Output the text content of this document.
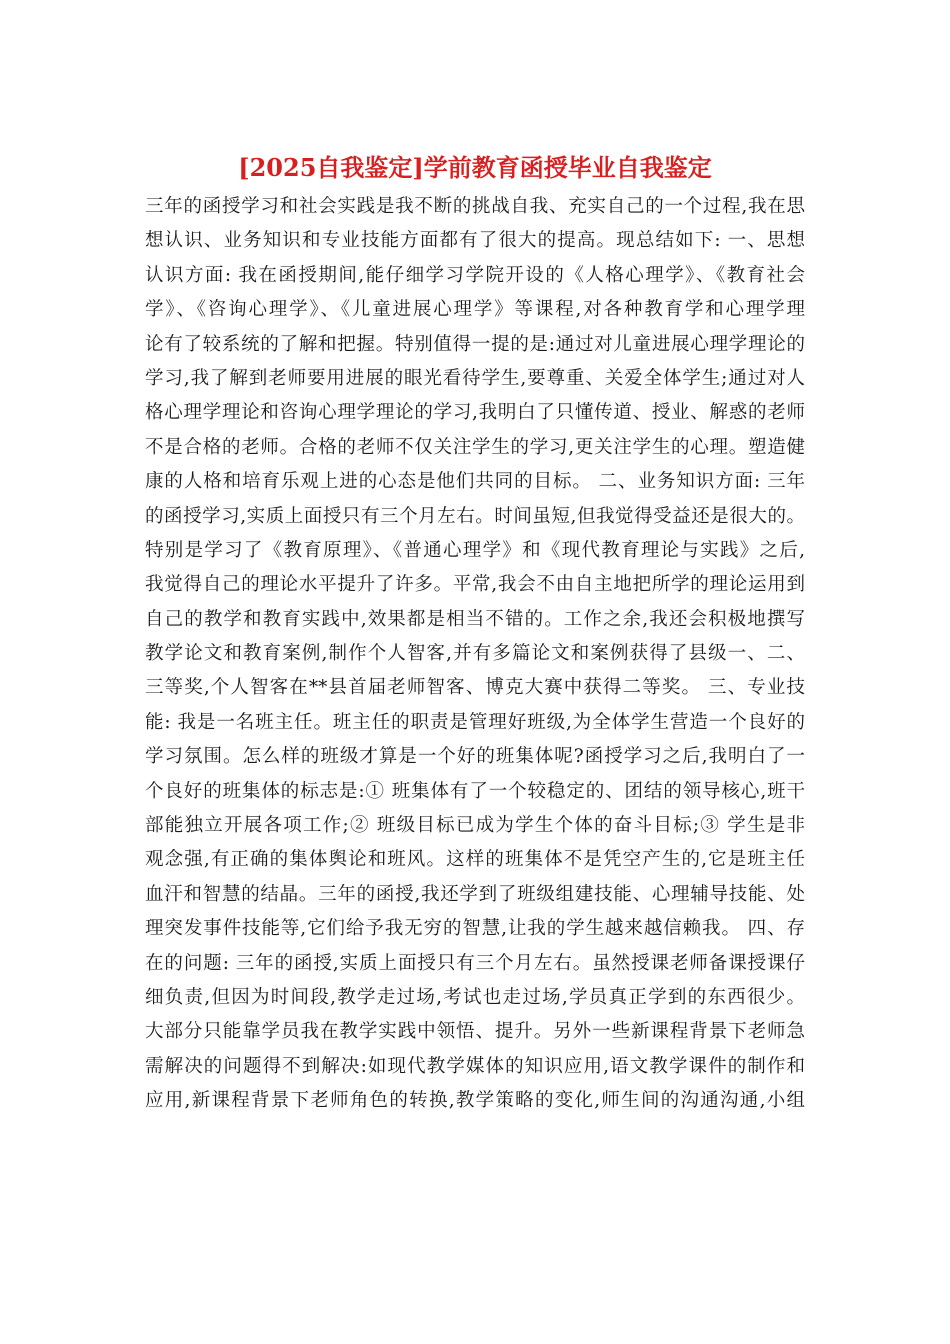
[2025自我鉴定]学前教育函授毕业自我鉴定
三年的函授学习和社会实践是我不断的挑战自我、充实自己的一个过程,我在思
想认识、业务知识和专业技能方面都有了很大的提高。现总结如下: 一、思想
认识方面: 我在函授期间,能仔细学习学院开设的《人格心理学》、《教育社会
学》、《咨询心理学》、《儿童进展心理学》等课程,对各种教育学和心理学理
论有了较系统的了解和把握。特别值得一提的是:通过对儿童进展心理学理论的
学习,我了解到老师要用进展的眼光看待学生,要尊重、关爱全体学生;通过对人
格心理学理论和咨询心理学理论的学习,我明白了只懂传道、授业、解惑的老师
不是合格的老师。合格的老师不仅关注学生的学习,更关注学生的心理。塑造健
康的人格和培育乐观上进的心态是他们共同的目标。 二、业务知识方面: 三年
的函授学习,实质上面授只有三个月左右。时间虽短,但我觉得受益还是很大的。
特别是学习了《教育原理》、《普通心理学》和《现代教育理论与实践》之后,
我觉得自己的理论水平提升了许多。平常,我会不由自主地把所学的理论运用到
自己的教学和教育实践中,效果都是相当不错的。工作之余,我还会积极地撰写
教学论文和教育案例,制作个人智客,并有多篇论文和案例获得了县级一、二、
三等奖,个人智客在**县首届老师智客、博克大赛中获得二等奖。 三、专业技
能: 我是一名班主任。班主任的职责是管理好班级,为全体学生营造一个良好的
学习氛围。怎么样的班级才算是一个好的班集体呢?函授学习之后,我明白了一
个良好的班集体的标志是:① 班集体有了一个较稳定的、团结的领导核心,班干
部能独立开展各项工作;② 班级目标已成为学生个体的奋斗目标;③ 学生是非
观念强,有正确的集体舆论和班风。这样的班集体不是凭空产生的,它是班主任
血汗和智慧的结晶。三年的函授,我还学到了班级组建技能、心理辅导技能、处
理突发事件技能等,它们给予我无穷的智慧,让我的学生越来越信赖我。 四、存
在的问题: 三年的函授,实质上面授只有三个月左右。虽然授课老师备课授课仔
细负责,但因为时间段,教学走过场,考试也走过场,学员真正学到的东西很少。
大部分只能靠学员我在教学实践中领悟、提升。另外一些新课程背景下老师急
需解决的问题得不到解决:如现代教学媒体的知识应用,语文教学课件的制作和
应用,新课程背景下老师角色的转换,教学策略的变化,师生间的沟通沟通,小组
